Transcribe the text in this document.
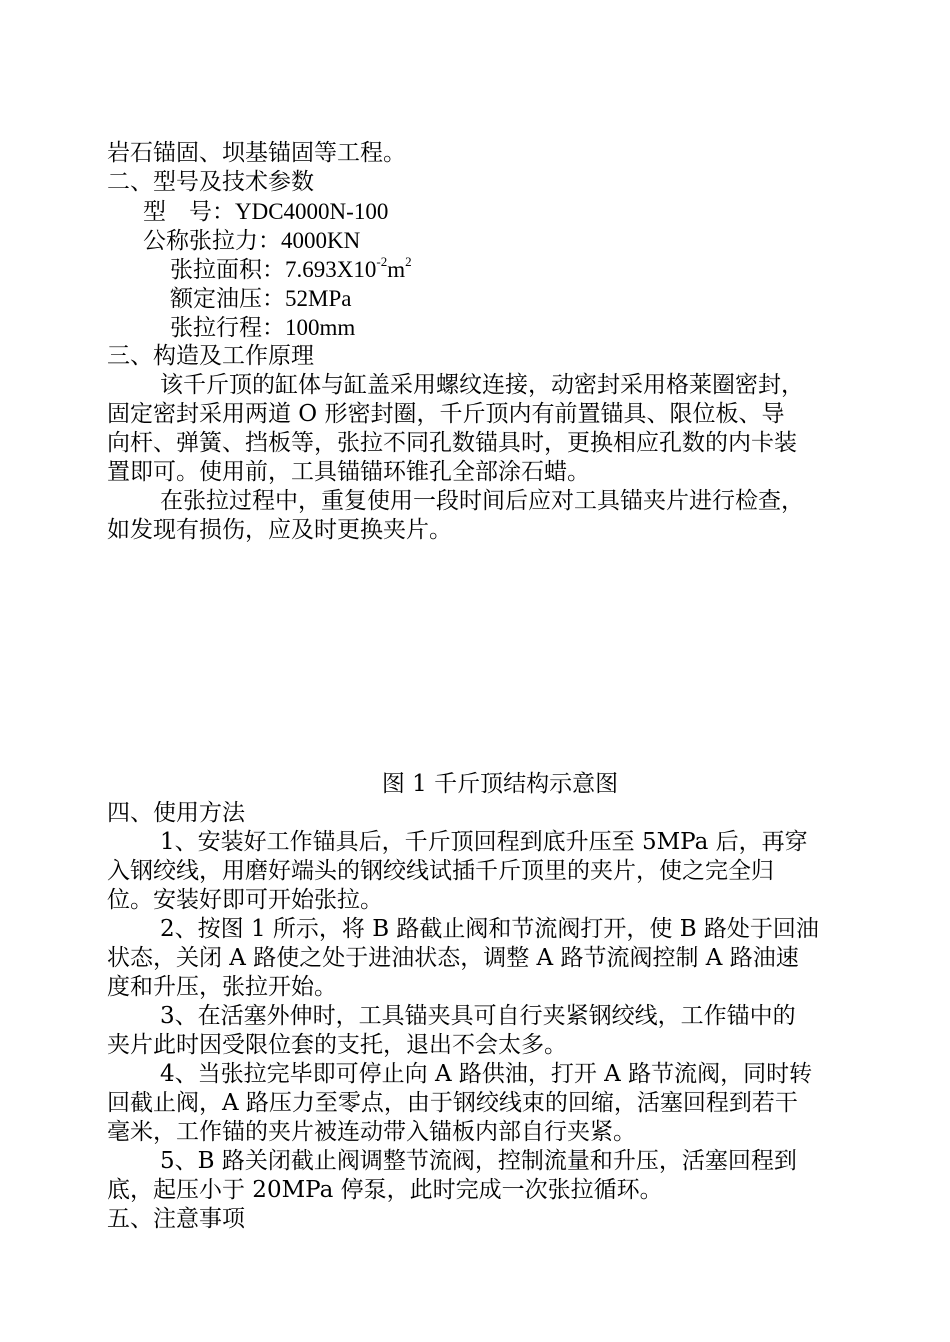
岩石锚固、坝基锚固等工程。
二、型号及技术参数
型　号：YDC4000N-100
公称张拉力：4000KN
张拉面积：$7.693X10^{-2}m^2$
额定油压：52MPa
张拉行程：100mm
三、构造及工作原理
该千斤顶的缸体与缸盖采用螺纹连接，动密封采用格莱圈密封，
固定密封采用两道 O 形密封圈，千斤顶内有前置锚具、限位板、导
向杆、弹簧、挡板等，张拉不同孔数锚具时，更换相应孔数的内卡装
置即可。使用前，工具锚锚环锥孔全部涂石蜡。
在张拉过程中，重复使用一段时间后应对工具锚夹片进行检查，
如发现有损伤，应及时更换夹片。
图 1 千斤顶结构示意图
四、使用方法
1、安装好工作锚具后，千斤顶回程到底升压至 5MPa 后，再穿
入钢绞线，用磨好端头的钢绞线试插千斤顶里的夹片，使之完全归
位。安装好即可开始张拉。
2、按图 1 所示，将 B 路截止阀和节流阀打开，使 B 路处于回油
状态，关闭 A 路使之处于进油状态，调整 A 路节流阀控制 A 路油速
度和升压，张拉开始。
3、在活塞外伸时，工具锚夹具可自行夹紧钢绞线，工作锚中的
夹片此时因受限位套的支托，退出不会太多。
4、当张拉完毕即可停止向 A 路供油，打开 A 路节流阀，同时转
回截止阀，A 路压力至零点，由于钢绞线束的回缩，活塞回程到若干
毫米，工作锚的夹片被连动带入锚板内部自行夹紧。
5、B 路关闭截止阀调整节流阀，控制流量和升压，活塞回程到
底，起压小于 20MPa 停泵，此时完成一次张拉循环。
五、注意事项
